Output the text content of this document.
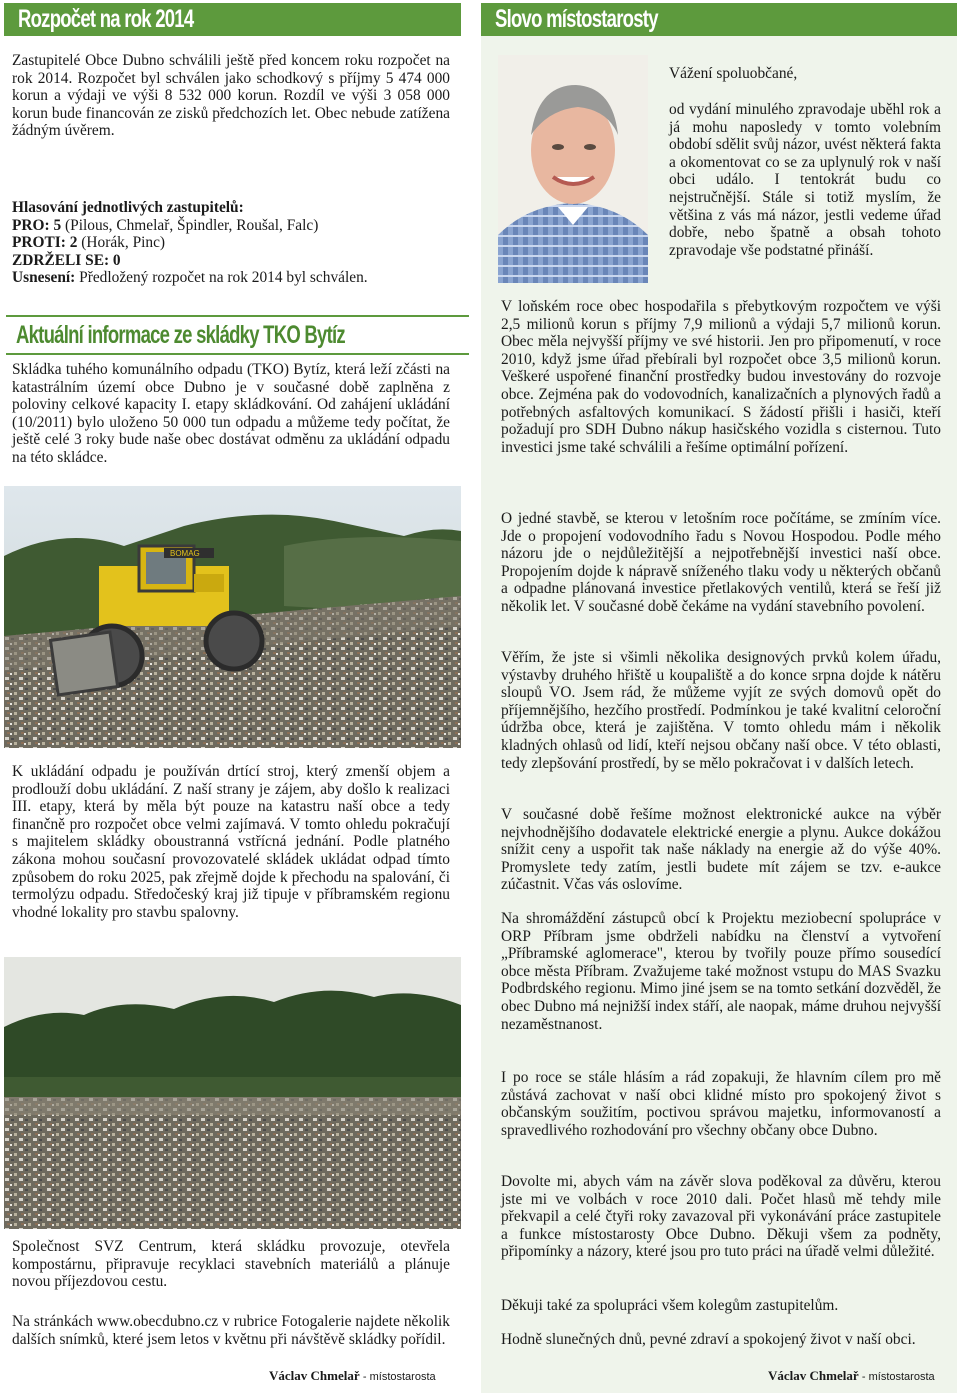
Rozpočet na rok 2014

Zastupitelé Obce Dubno schválili ještě před koncem roku rozpočet na rok 2014. Rozpočet byl schválen jako schodkový s příjmy 5 474 000 korun a výdaji ve výši 8 532 000 korun. Rozdíl ve výši 3 058 000 korun bude financován ze zisků předchozích let. Obec nebude zatížena žádným úvěrem.

Hlasování jednotlivých zastupitelů:

PRO: 5 (Pilous, Chmelař, Špindler, Roušal, Falc)

PROTI: 2 (Horák, Pinc)

ZDRŽELI SE: 0

Usnesení: Předložený rozpočet na rok 2014 byl schválen.

Aktuální informace ze skládky TKO Bytíz

Skládka tuhého komunálního odpadu (TKO) Bytíz, která leží zčásti na katastrálním území obce Dubno je v současné době zaplněna z poloviny celkové kapacity I. etapy skládkování. Od zahájení ukládání (10/2011) bylo uloženo 50 000 tun odpadu a můžeme tedy počítat, že ještě celé 3 roky bude naše obec dostávat odměnu za ukládání odpadu na této skládce.

BOMAG

K ukládání odpadu je používán drtící stroj, který zmenší objem a prodlouží dobu ukládání. Z naší strany je zájem, aby došlo k realizaci III. etapy, která by měla být pouze na katastru naší obce a tedy finančně pro rozpočet obce velmi zajímavá. V tomto ohledu pokračují s majitelem skládky oboustranná vstřícná jednání. Podle platného zákona mohou současní provozovatelé skládek ukládat odpad tímto způsobem do roku 2025, pak zřejmě dojde k přechodu na spalování, či termolýzu odpadu. Středočeský kraj již tipuje v příbramském regionu vhodné lokality pro stavbu spalovny.

Společnost SVZ Centrum, která skládku provozuje, otevřela kompostárnu, připravuje recyklaci stavebních materiálů a plánuje novou příjezdovou cestu.

Na stránkách www.obecdubno.cz v rubrice Fotogalerie najdete několik dalších snímků, které jsem letos v květnu při návštěvě skládky pořídil.

Václav Chmelař - místostarosta
Slovo místostarosty

Vážení spoluobčané,

od vydání minulého zpravodaje uběhl rok a já mohu naposledy v tomto volebním období sdělit svůj názor, uvést některá fakta a okomentovat co se za uplynulý rok v naší obci událo. I tentokrát budu co nejstručnější. Stále si totiž myslím, že většina z vás má názor, jestli vedeme úřad dobře, nebo špatně a obsah tohoto zpravodaje vše podstatné přináší.

V loňském roce obec hospodařila s přebytkovým rozpočtem ve výši 2,5 milionů korun s příjmy 7,9 milionů a výdaji 5,7 milionů korun. Obec měla nejvyšší příjmy ve své historii. Jen pro připomenutí, v roce 2010, když jsme úřad přebírali byl rozpočet obce 3,5 milionů korun. Veškeré uspořené finanční prostředky budou investovány do rozvoje obce. Zejména pak do vodovodních, kanalizačních a plynových řadů a potřebných asfaltových komunikací. S žádostí přišli i hasiči, kteří požadují pro SDH Dubno nákup hasičského vozidla s cisternou. Tuto investici jsme také schválili a řešíme optimální pořízení.

O jedné stavbě, se kterou v letošním roce počítáme, se zmíním více. Jde o propojení vodovodního řadu s Novou Hospodou. Podle mého názoru jde o nejdůležitější a nejpotřebnější investici naší obce. Propojením dojde k nápravě sníženého tlaku vody u některých občanů a odpadne plánovaná investice přetlakových ventilů, která se řeší již několik let. V současné době čekáme na vydání stavebního povolení.

Věřím, že jste si všimli několika designových prvků kolem úřadu, výstavby druhého hřiště u koupaliště a do konce srpna dojde k nátěru sloupů VO. Jsem rád, že můžeme vyjít ze svých domovů opět do příjemnějšího, hezčího prostředí. Podmínkou je také kvalitní celoroční údržba obce, která je zajištěna. V tomto ohledu mám i několik kladných ohlasů od lidí, kteří nejsou občany naší obce. V této oblasti, tedy zlepšování prostředí, by se mělo pokračovat i v dalších letech.

V současné době řešíme možnost elektronické aukce na výběr nejvhodnějšího dodavatele elektrické energie a plynu. Aukce dokážou snížit ceny a uspořit tak naše náklady na energie až do výše 40%. Promyslete tedy zatím, jestli budete mít zájem se tzv. e-aukce zúčastnit. Včas vás oslovíme.

Na shromáždění zástupců obcí k Projektu meziobecní spolupráce v ORP Příbram jsme obdrželi nabídku na členství a vytvoření „Příbramské aglomerace", kterou by tvořily pouze přímo sousedící obce města Příbram. Zvažujeme také možnost vstupu do MAS Svazku Podbrdského regionu. Mimo jiné jsem se na tomto setkání dozvěděl, že obec Dubno má nejnižší index stáří, ale naopak, máme druhou nejvyšší nezaměstnanost.

I po roce se stále hlásím a rád zopakuji, že hlavním cílem pro mě zůstává zachovat v naší obci klidné místo pro spokojený život s občanským soužitím, poctivou správou majetku, informovaností a spravedlivého rozhodování pro všechny občany obce Dubno.

Dovolte mi, abych vám na závěr slova poděkoval za důvěru, kterou jste mi ve volbách v roce 2010 dali. Počet hlasů mě tehdy mile překvapil a celé čtyři roky zavazoval při vykonávání práce zastupitele a funkce místostarosty Obce Dubno. Děkuji všem za podněty, připomínky a názory, které jsou pro tuto práci na úřadě velmi důležité.

Děkuji také za spolupráci všem kolegům zastupitelům.

Hodně slunečných dnů, pevné zdraví a spokojený život v naší obci.

Václav Chmelař - místostarosta
